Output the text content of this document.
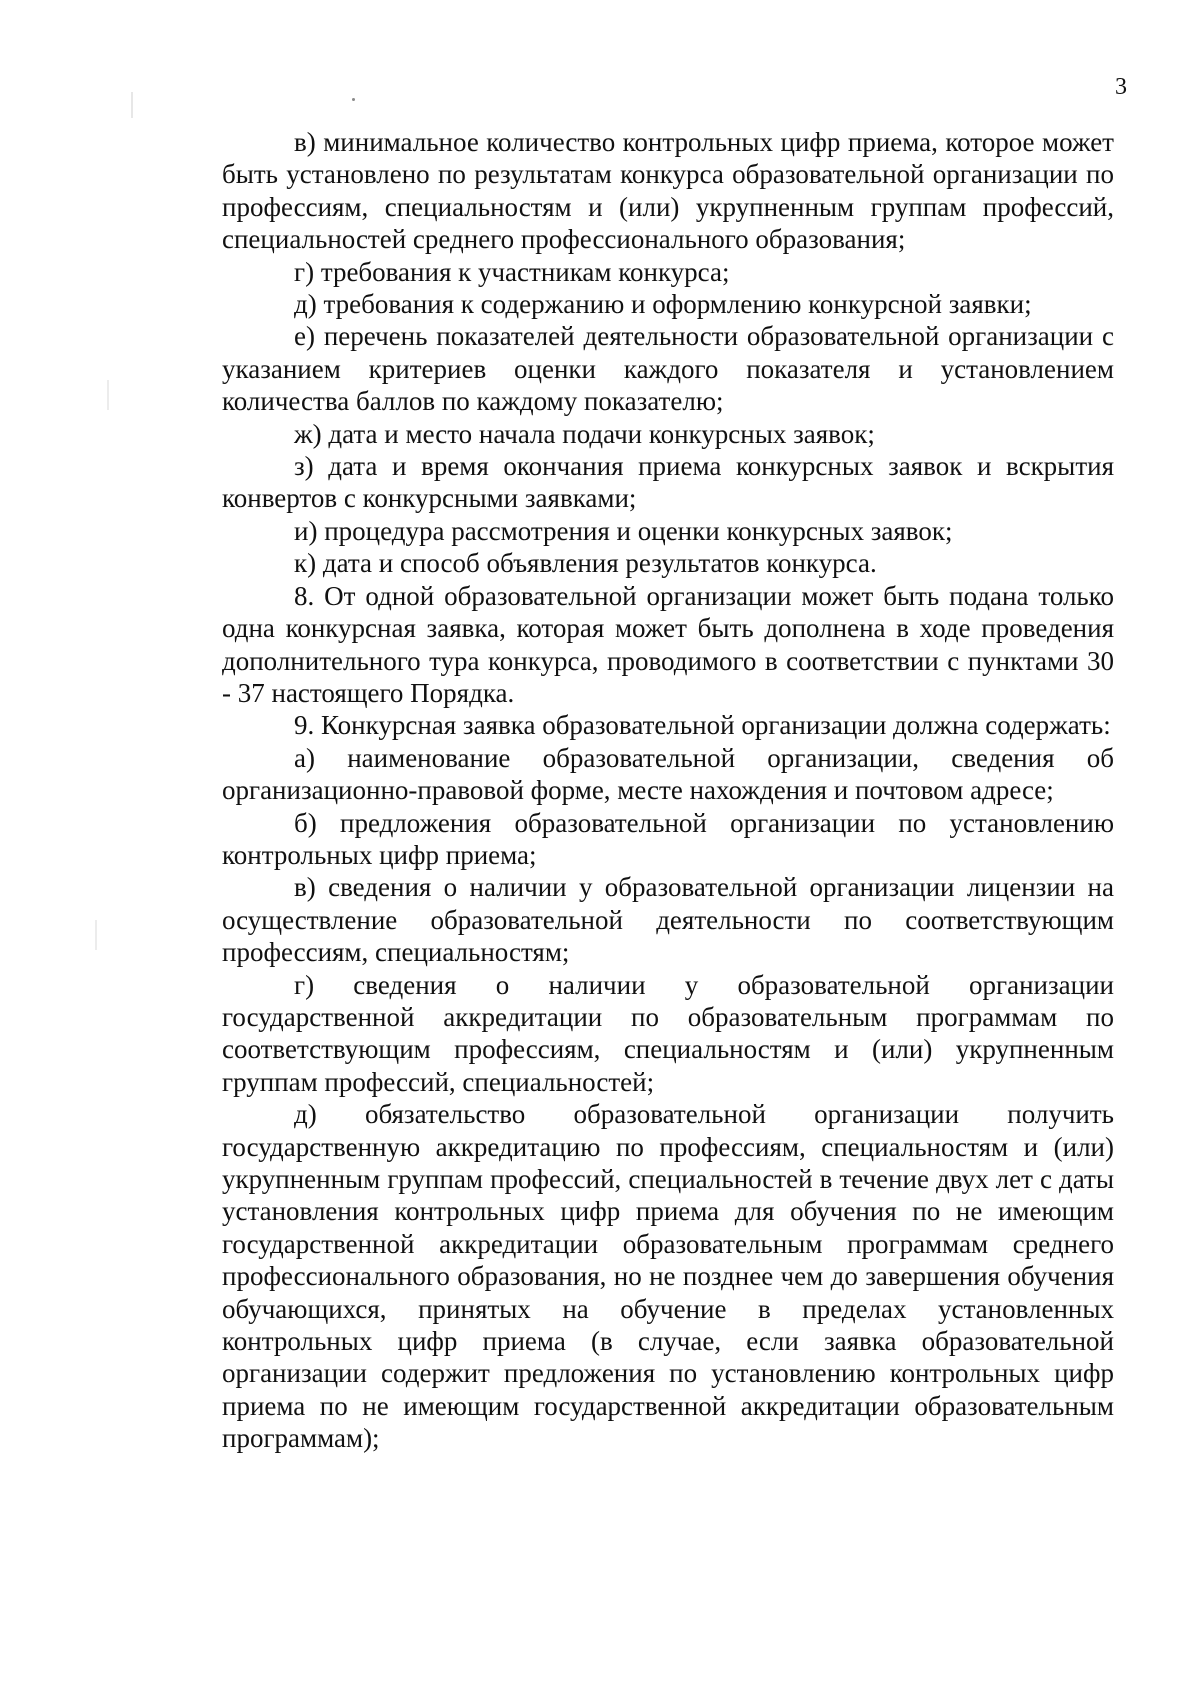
3

в) минимальное количество контрольных цифр приема, которое может быть установлено по результатам конкурса образовательной организации по профессиям, специальностям и (или) укрупненным группам профессий, специальностей среднего профессионального образования;

г) требования к участникам конкурса;

д) требования к содержанию и оформлению конкурсной заявки;

е) перечень показателей деятельности образовательной организации с указанием критериев оценки каждого показателя и установлением количества баллов по каждому показателю;

ж) дата и место начала подачи конкурсных заявок;

з) дата и время окончания приема конкурсных заявок и вскрытия конвертов с конкурсными заявками;

и) процедура рассмотрения и оценки конкурсных заявок;

к) дата и способ объявления результатов конкурса.

8. От одной образовательной организации может быть подана только одна конкурсная заявка, которая может быть дополнена в ходе проведения дополнительного тура конкурса, проводимого в соответствии с пунктами 30 - 37 настоящего Порядка.

9. Конкурсная заявка образовательной организации должна содержать:

а) наименование образовательной организации, сведения об организационно-правовой форме, месте нахождения и почтовом адресе;

б) предложения образовательной организации по установлению контрольных цифр приема;

в) сведения о наличии у образовательной организации лицензии на осуществление образовательной деятельности по соответствующим профессиям, специальностям;

г) сведения о наличии у образовательной организации государственной аккредитации по образовательным программам по соответствующим профессиям, специальностям и (или) укрупненным группам профессий, специальностей;

д) обязательство образовательной организации получить государственную аккредитацию по профессиям, специальностям и (или) укрупненным группам профессий, специальностей в течение двух лет с даты установления контрольных цифр приема для обучения по не имеющим государственной аккредитации образовательным программам среднего профессионального образования, но не позднее чем до завершения обучения обучающихся, принятых на обучение в пределах установленных контрольных цифр приема (в случае, если заявка образовательной организации содержит предложения по установлению контрольных цифр приема по не имеющим государственной аккредитации образовательным программам);
